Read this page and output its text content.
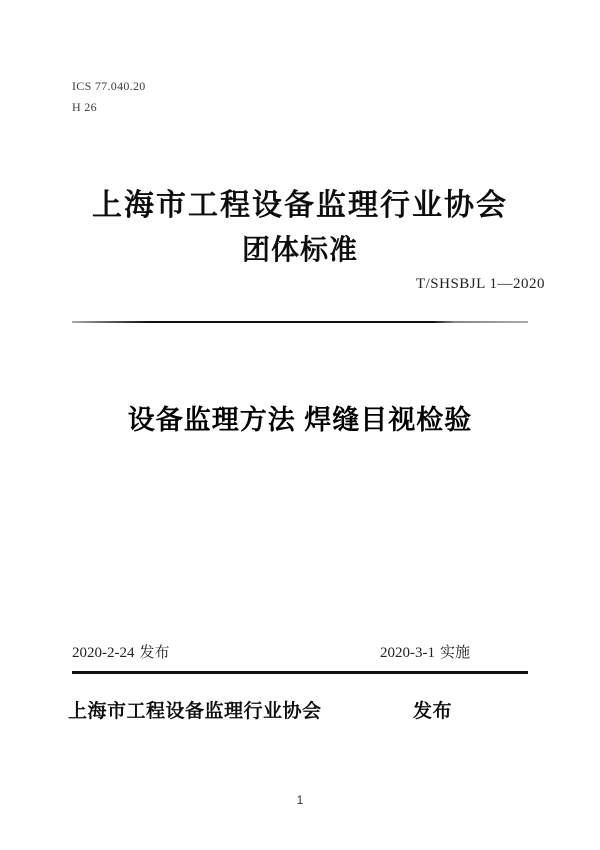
ICS 77.040.20
H 26
上海市工程设备监理行业协会
团体标准
T/SHSBJL 1—2020
设备监理方法 焊缝目视检验
2020-2-24 发布	2020-3-1 实施
上海市工程设备监理行业协会	发布
1
